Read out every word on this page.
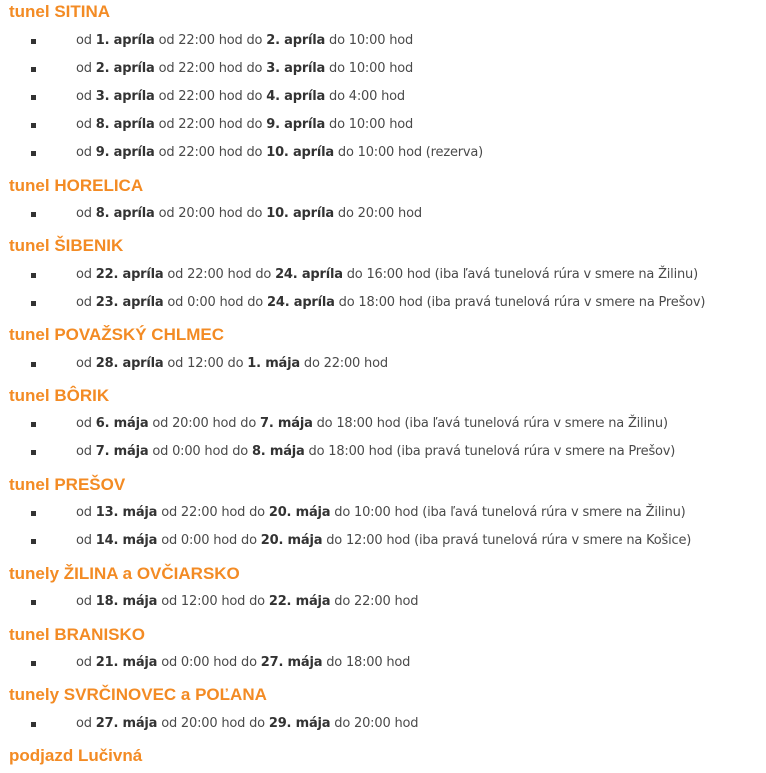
tunel SITINA
od 1. apríla od 22:00 hod do 2. apríla do 10:00 hod
od 2. apríla od 22:00 hod do 3. apríla do 10:00 hod
od 3. apríla od 22:00 hod do 4. apríla do 4:00 hod
od 8. apríla od 22:00 hod do 9. apríla do 10:00 hod
od 9. apríla od 22:00 hod do 10. apríla do 10:00 hod (rezerva)
tunel HORELICA
od 8. apríla od 20:00 hod do 10. apríla do 20:00 hod
tunel ŠIBENIK
od 22. apríla od 22:00 hod do 24. apríla do 16:00 hod (iba ľavá tunelová rúra v smere na Žilinu)
od 23. apríla od 0:00 hod do 24. apríla do 18:00 hod (iba pravá tunelová rúra v smere na Prešov)
tunel POVAŽSKÝ CHLMEC
od 28. apríla od 12:00 do 1. mája do 22:00 hod
tunel BÔRIK
od 6. mája od 20:00 hod do 7. mája do 18:00 hod (iba ľavá tunelová rúra v smere na Žilinu)
od 7. mája od 0:00 hod do 8. mája do 18:00 hod (iba pravá tunelová rúra v smere na Prešov)
tunel PREŠOV
od 13. mája od 22:00 hod do 20. mája do 10:00 hod (iba ľavá tunelová rúra v smere na Žilinu)
od 14. mája od 0:00 hod do 20. mája do 12:00 hod (iba pravá tunelová rúra v smere na Košice)
tunely ŽILINA a OVČIARSKO
od 18. mája od 12:00 hod do 22. mája do 22:00 hod
tunel BRANISKO
od 21. mája od 0:00 hod do 27. mája do 18:00 hod
tunely SVRČINOVEC a POĽANA
od 27. mája od 20:00 hod do 29. mája do 20:00 hod
podjazd Lučivná
